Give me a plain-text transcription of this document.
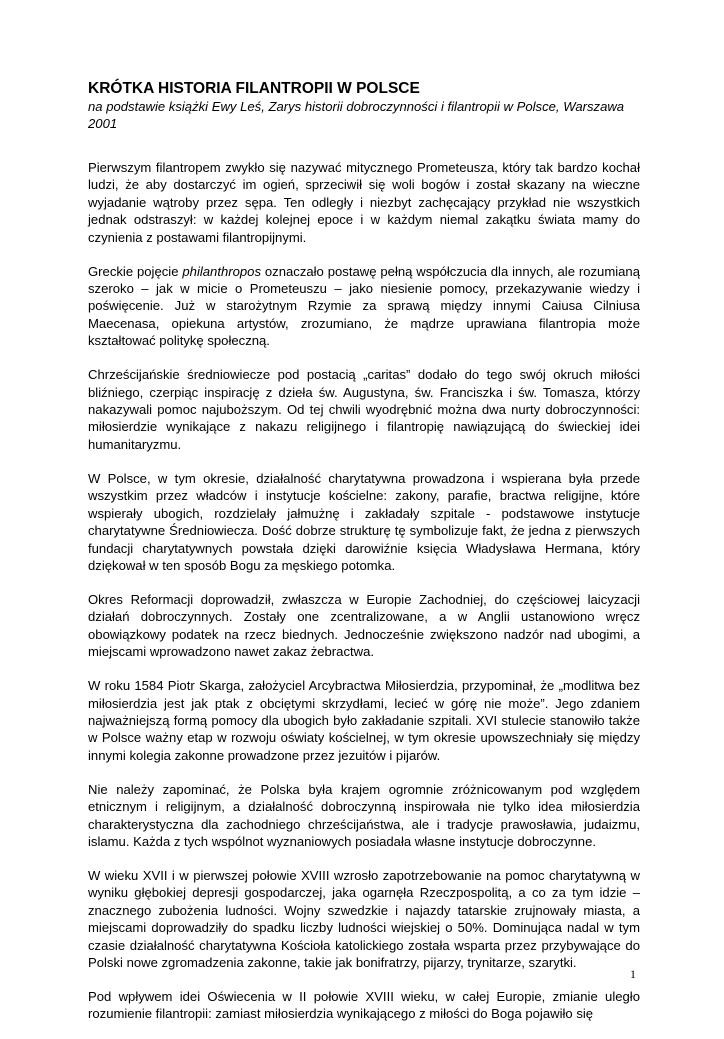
KRÓTKA HISTORIA FILANTROPII W POLSCE

na podstawie książki Ewy Leś, Zarys historii dobroczynności i filantropii w Polsce, Warszawa 2001

Pierwszym filantropem zwykło się nazywać mitycznego Prometeusza, który tak bardzo kochał ludzi, że aby dostarczyć im ogień, sprzeciwił się woli bogów i został skazany na wieczne wyjadanie wątroby przez sępa. Ten odległy i niezbyt zachęcający przykład nie wszystkich jednak odstraszył: w każdej kolejnej epoce i w każdym niemal zakątku świata mamy do czynienia z postawami filantropijnymi.

Greckie pojęcie philanthropos oznaczało postawę pełną współczucia dla innych, ale rozumianą szeroko – jak w micie o Prometeuszu – jako niesienie pomocy, przekazywanie wiedzy i poświęcenie. Już w starożytnym Rzymie za sprawą między innymi Caiusa Cilniusa Maecenasa, opiekuna artystów, zrozumiano, że mądrze uprawiana filantropia może kształtować politykę społeczną.

Chrześcijańskie średniowiecze pod postacią „caritas” dodało do tego swój okruch miłości bliźniego, czerpiąc inspirację z dzieła św. Augustyna, św. Franciszka i św. Tomasza, którzy nakazywali pomoc najuboższym. Od tej chwili wyodrębnić można dwa nurty dobroczynności: miłosierdzie wynikające z nakazu religijnego i filantropię nawiązującą do świeckiej idei humanitaryzmu.

W Polsce, w tym okresie, działalność charytatywna prowadzona i wspierana była przede wszystkim przez władców i instytucje kościelne: zakony, parafie, bractwa religijne, które wspierały ubogich, rozdzielały jałmużnę i zakładały szpitale - podstawowe instytucje charytatywne Średniowiecza. Dość dobrze strukturę tę symbolizuje fakt, że jedna z pierwszych fundacji charytatywnych powstała dzięki darowiźnie księcia Władysława Hermana, który dziękował w ten sposób Bogu za męskiego potomka.

Okres Reformacji doprowadził, zwłaszcza w Europie Zachodniej, do częściowej laicyzacji działań dobroczynnych. Zostały one zcentralizowane, a w Anglii ustanowiono wręcz obowiązkowy podatek na rzecz biednych. Jednocześnie zwiększono nadzór nad ubogimi, a miejscami wprowadzono nawet zakaz żebractwa.

W roku 1584 Piotr Skarga, założyciel Arcybractwa Miłosierdzia, przypominał, że „modlitwa bez miłosierdzia jest jak ptak z obciętymi skrzydłami, lecieć w górę nie może”. Jego zdaniem najważniejszą formą pomocy dla ubogich było zakładanie szpitali. XVI stulecie stanowiło także w Polsce ważny etap w rozwoju oświaty kościelnej, w tym okresie upowszechniały się między innymi kolegia zakonne prowadzone przez jezuitów i pijarów.

Nie należy zapominać, że Polska była krajem ogromnie zróżnicowanym pod względem etnicznym i religijnym, a działalność dobroczynną inspirowała nie tylko idea miłosierdzia charakterystyczna dla zachodniego chrześcijaństwa, ale i tradycje prawosławia, judaizmu, islamu. Każda z tych wspólnot wyznaniowych posiadała własne instytucje dobroczynne.

W wieku XVII i w pierwszej połowie XVIII wzrosło zapotrzebowanie na pomoc charytatywną w wyniku głębokiej depresji gospodarczej, jaka ogarnęła Rzeczpospolitą, a co za tym idzie – znacznego zubożenia ludności. Wojny szwedzkie i najazdy tatarskie zrujnowały miasta, a miejscami doprowadziły do spadku liczby ludności wiejskiej o 50%. Dominująca nadal w tym czasie działalność charytatywna Kościoła katolickiego została wsparta przez przybywające do Polski nowe zgromadzenia zakonne, takie jak bonifratrzy, pijarzy, trynitarze, szarytki.

Pod wpływem idei Oświecenia w II połowie XVIII wieku, w całej Europie, zmianie uległo rozumienie filantropii: zamiast miłosierdzia wynikającego z miłości do Boga pojawiło się

1
